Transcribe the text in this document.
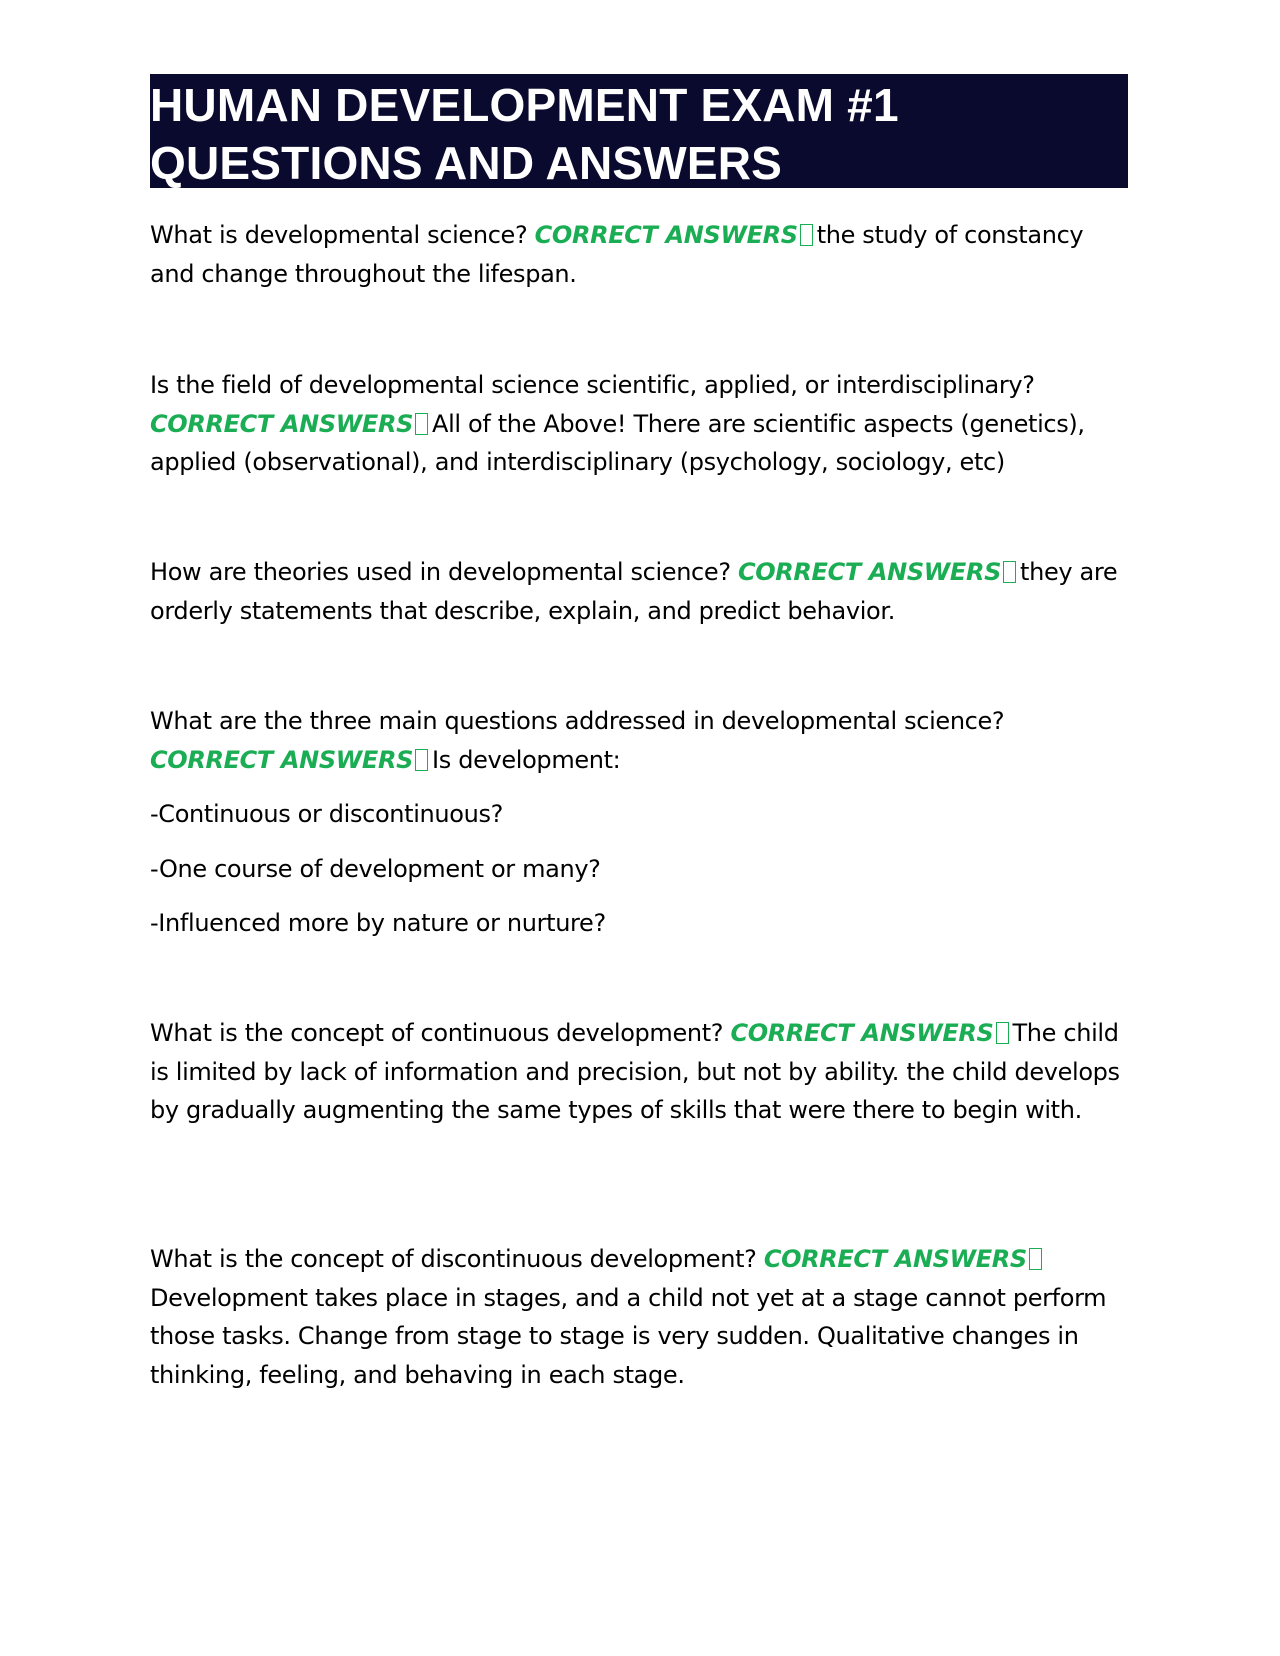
HUMAN DEVELOPMENT EXAM #1
QUESTIONS AND ANSWERS

What is developmental science? CORRECT ANSWERS the study of constancy and change throughout the lifespan.

Is the field of developmental science scientific, applied, or interdisciplinary? CORRECT ANSWERS All of the Above! There are scientific aspects (genetics), applied (observational), and interdisciplinary (psychology, sociology, etc)

How are theories used in developmental science? CORRECT ANSWERS they are orderly statements that describe, explain, and predict behavior.

What are the three main questions addressed in developmental science? CORRECT ANSWERS Is development:

-Continuous or discontinuous?

-One course of development or many?

-Influenced more by nature or nurture?

What is the concept of continuous development? CORRECT ANSWERS The child is limited by lack of information and precision, but not by ability. the child develops by gradually augmenting the same types of skills that were there to begin with.

What is the concept of discontinuous development? CORRECT ANSWERS
Development takes place in stages, and a child not yet at a stage cannot perform those tasks. Change from stage to stage is very sudden. Qualitative changes in thinking, feeling, and behaving in each stage.
